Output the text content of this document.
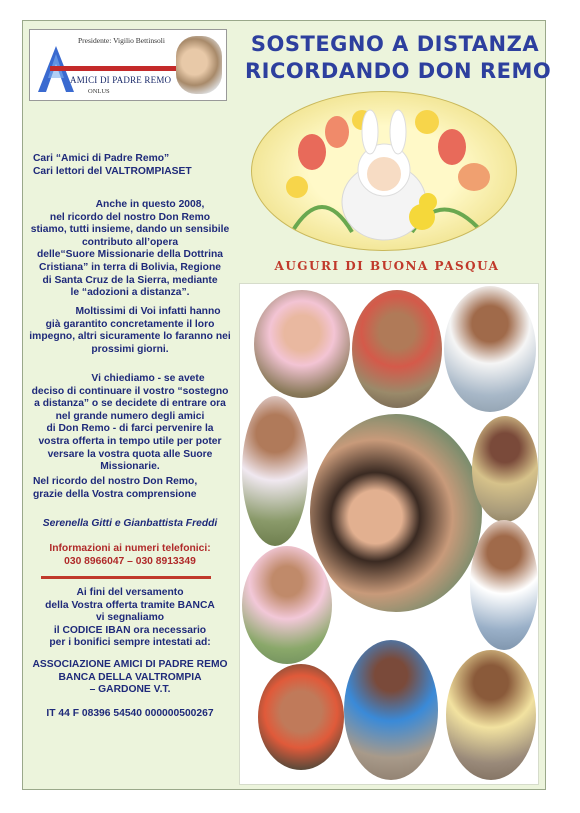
Presidente: Vigilio Bettinsoli
AMICI DI PADRE REMO
ONLUS
SOSTEGNO A DISTANZA
RICORDANDO DON REMO
AUGURI DI BUONA PASQUA
Cari “Amici di Padre Remo”
Cari lettori del VALTROMPIASET
Anche in questo 2008,
nel ricordo del nostro Don Remo
stiamo, tutti insieme, dando un sensibile
contributo all’opera
delle“Suore Missionarie della Dottrina
Cristiana” in terra di Bolivia, Regione
di Santa Cruz de la Sierra, mediante
le “adozioni a distanza”.
Moltissimi di Voi infatti hanno
già garantito concretamente il loro
impegno, altri sicuramente lo faranno nei
prossimi giorni.
Vi chiediamo - se avete
deciso di continuare il vostro “sostegno
a distanza” o se decidete di entrare ora
nel grande numero degli amici
di Don Remo - di farci pervenire la
vostra offerta in tempo utile per poter
versare la vostra quota alle Suore
Missionarie.
Nel ricordo del nostro Don Remo,
grazie della Vostra comprensione
Serenella Gitti e Gianbattista Freddi
Informazioni ai numeri telefonici:
030 8966047 – 030 8913349
Ai fini del versamento
della Vostra offerta tramite BANCA
vi segnaliamo
il CODICE IBAN ora necessario
per i bonifici sempre intestati ad:
ASSOCIAZIONE AMICI DI PADRE REMO
BANCA DELLA VALTROMPIA
– GARDONE V.T.
IT 44 F 08396 54540 000000500267
